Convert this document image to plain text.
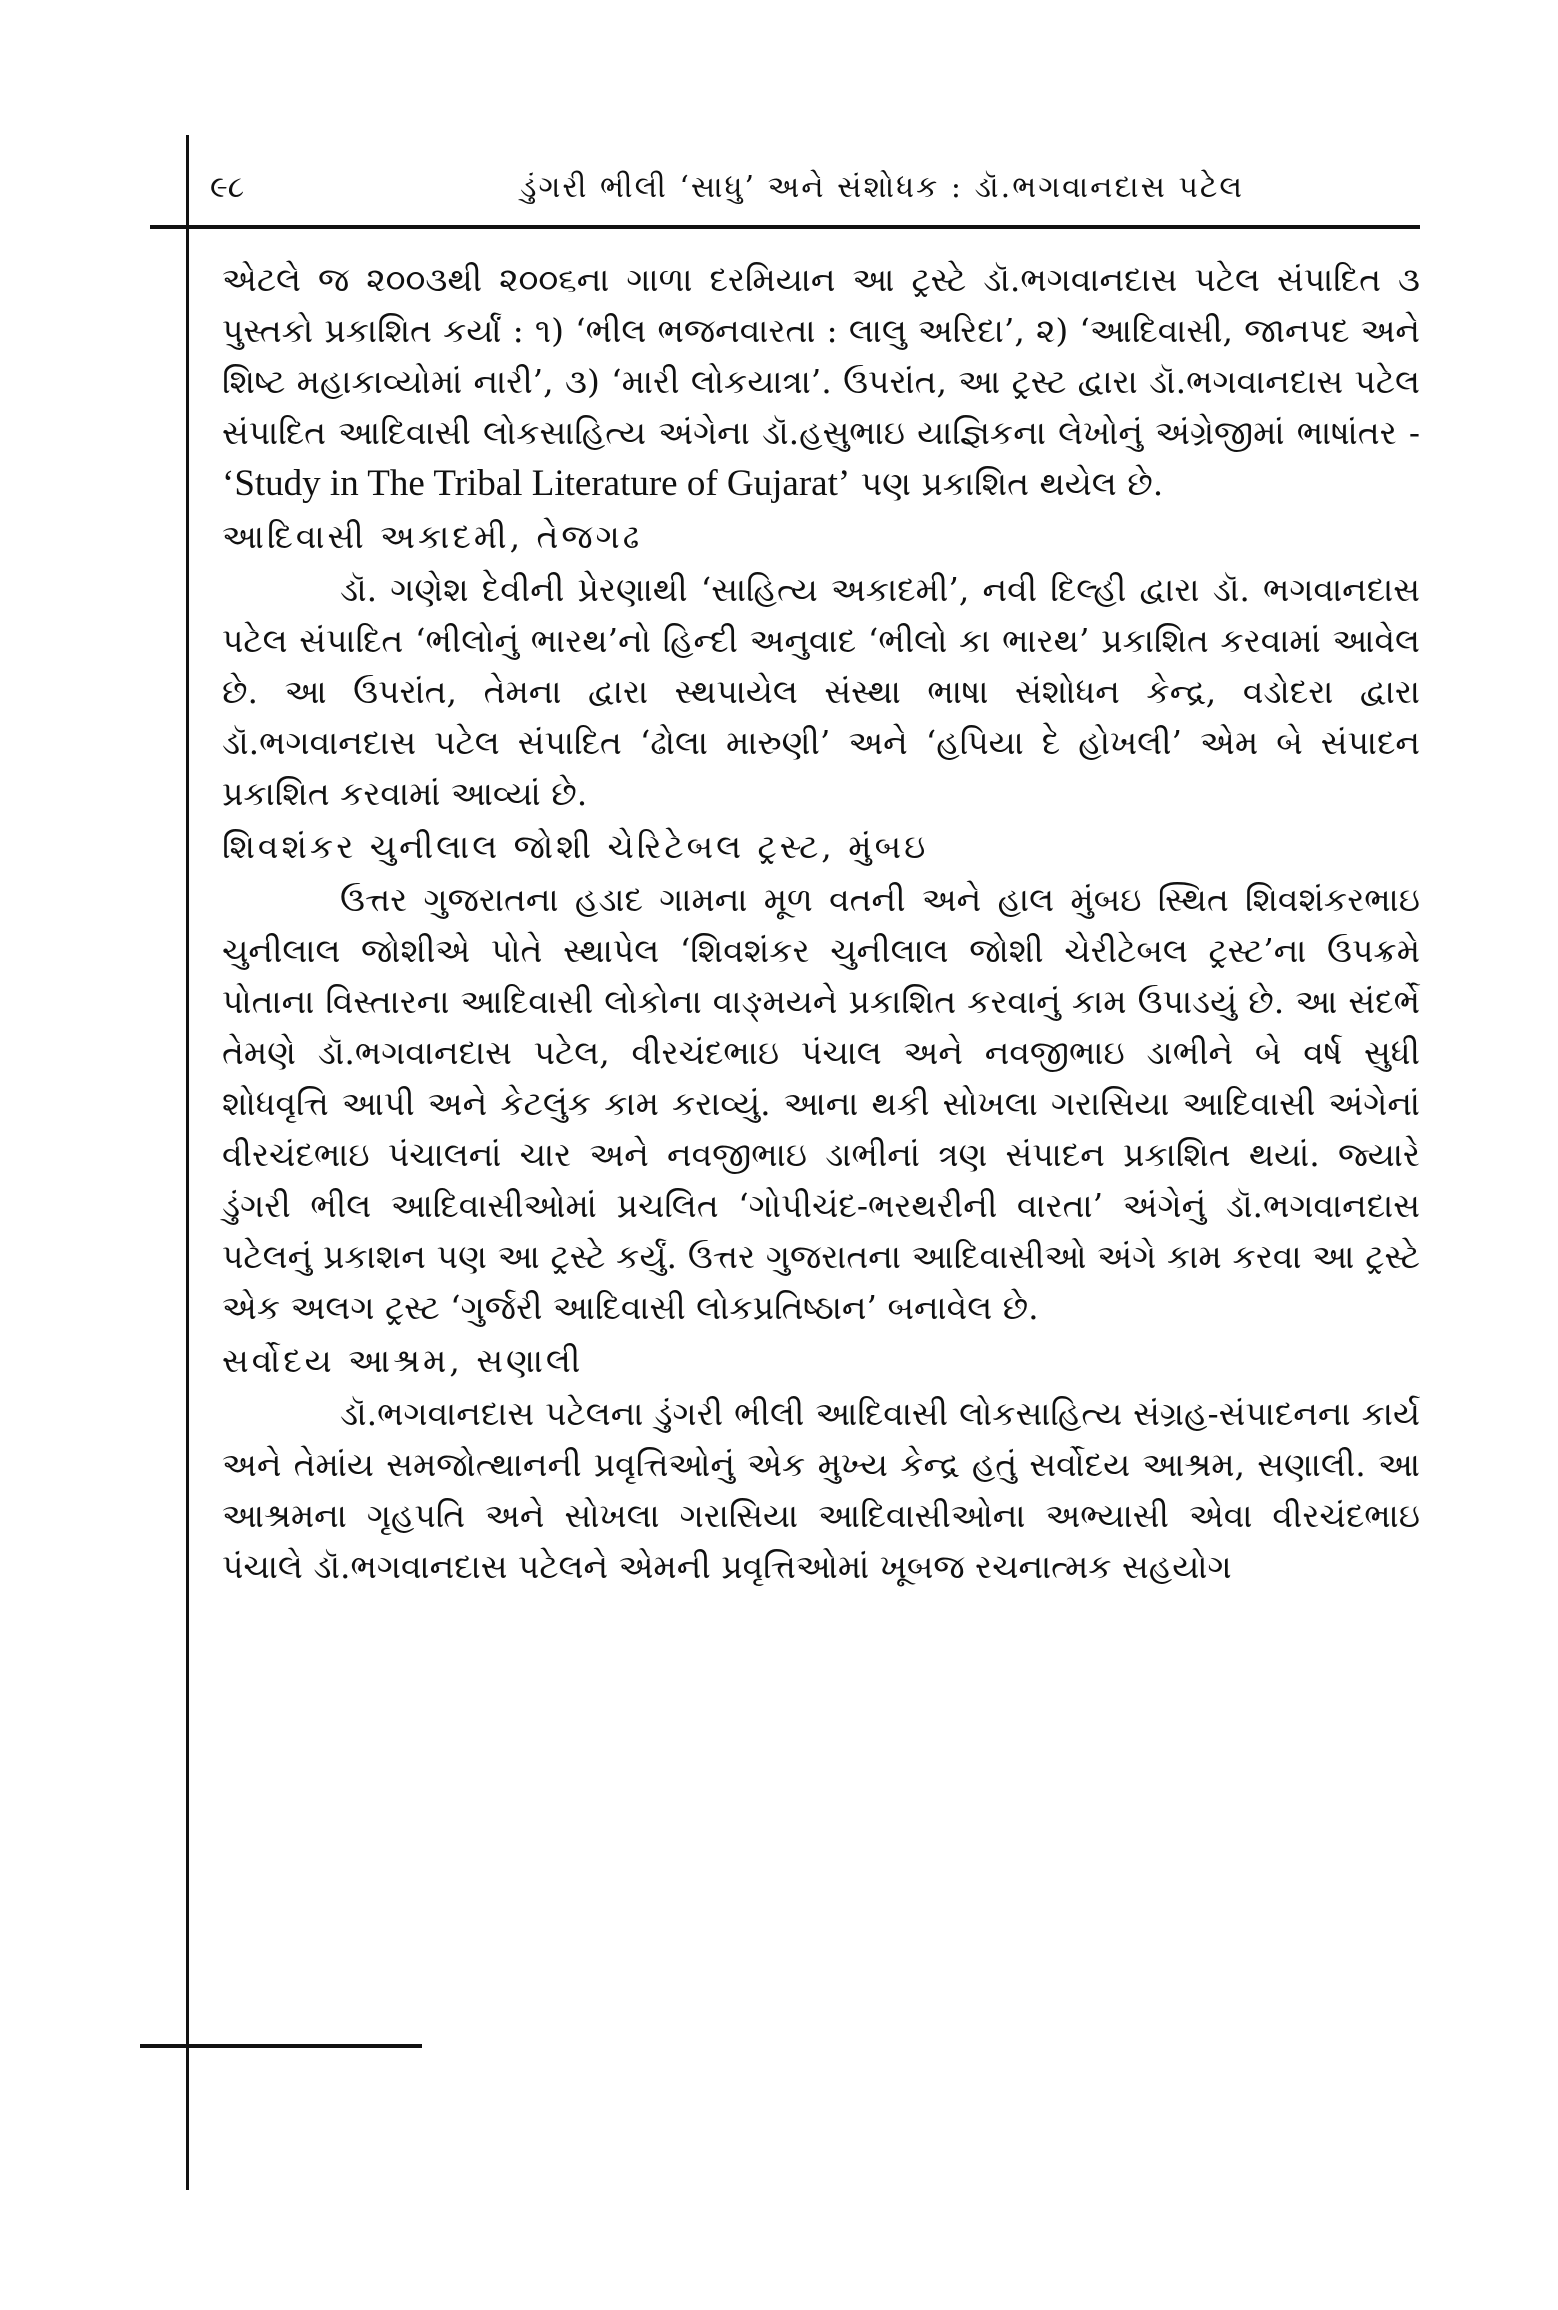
૯૮	ડુંગરી ભીલી ‘સાધુ’ અને સંશોધક : ડૉ.ભગવાનદાસ પટેલ

એટલે જ ૨૦૦૩થી ૨૦૦૬ના ગાળા દરમિયાન આ ટ્રસ્ટે ડૉ.ભગવાનદાસ પટેલ સંપાદિત ૩ પુસ્તકો પ્રકાશિત કર્યાં : ૧) ‘ભીલ ભજનવારતા : લાલુ અરિદા’, ૨) ‘આદિવાસી, જાનપદ અને શિષ્ટ મહાકાવ્યોમાં નારી’, ૩) ‘મારી લોકયાત્રા’. ઉપરાંત, આ ટ્રસ્ટ દ્વારા ડૉ.ભગવાનદાસ પટેલ સંપાદિત આદિવાસી લોકસાહિત્ય અંગેના ડૉ.હસુભાઇ યાજ્ઞિકના લેખોનું અંગ્રેજીમાં ભાષાંતર - ‘Study in The Tribal Literature of Gujarat’ પણ પ્રકાશિત થયેલ છે.

આદિવાસી અકાદમી, તેજગઢ

ડૉ. ગણેશ દેવીની પ્રેરણાથી ‘સાહિત્ય અકાદમી’, નવી દિલ્હી દ્વારા ડૉ. ભગવાનદાસ પટેલ સંપાદિત ‘ભીલોનું ભારથ’નો હિન્દી અનુવાદ ‘ભીલો કા ભારથ’ પ્રકાશિત કરવામાં આવેલ છે. આ ઉપરાંત, તેમના દ્વારા સ્થપાયેલ સંસ્થા ભાષા સંશોધન કેન્દ્ર, વડોદરા દ્વારા ડૉ.ભગવાનદાસ પટેલ સંપાદિત ‘ઢોલા મારુણી’ અને ‘હપિયા દે હોખલી’ એમ બે સંપાદન પ્રકાશિત કરવામાં આવ્યાં છે.

શિવશંકર ચુનીલાલ જોશી ચેરિટેબલ ટ્રસ્ટ, મુંબઇ

ઉત્તર ગુજરાતના હડાદ ગામના મૂળ વતની અને હાલ મુંબઇ સ્થિત શિવશંકરભાઇ ચુનીલાલ જોશીએ પોતે સ્થાપેલ ‘શિવશંકર ચુનીલાલ જોશી ચેરીટેબલ ટ્રસ્ટ’ના ઉપક્રમે પોતાના વિસ્તારના આદિવાસી લોકોના વાઙ્મયને પ્રકાશિત કરવાનું કામ ઉપાડયું છે. આ સંદર્ભે તેમણે ડૉ.ભગવાનદાસ પટેલ, વીરચંદભાઇ પંચાલ અને નવજીભાઇ ડાભીને બે વર્ષ સુધી શોધવૃત્તિ આપી અને કેટલુંક કામ કરાવ્યું. આના થકી સોખલા ગરાસિયા આદિવાસી અંગેનાં વીરચંદભાઇ પંચાલનાં ચાર અને નવજીભાઇ ડાભીનાં ત્રણ સંપાદન પ્રકાશિત થયાં. જ્યારે ડુંગરી ભીલ આદિવાસીઓમાં પ્રચલિત ‘ગોપીચંદ-ભરથરીની વારતા’ અંગેનું ડૉ.ભગવાનદાસ પટેલનું પ્રકાશન પણ આ ટ્રસ્ટે કર્યું. ઉત્તર ગુજરાતના આદિવાસીઓ અંગે કામ કરવા આ ટ્રસ્ટે એક અલગ ટ્રસ્ટ ‘ગુર્જરી આદિવાસી લોકપ્રતિષ્ઠાન’ બનાવેલ છે.

સર્વોદય આશ્રમ, સણાલી

ડૉ.ભગવાનદાસ પટેલના ડુંગરી ભીલી આદિવાસી લોકસાહિત્ય સંગ્રહ-સંપાદનના કાર્ય અને તેમાંય સમજોત્થાનની પ્રવૃત્તિઓનું એક મુખ્ય કેન્દ્ર હતું સર્વોદય આશ્રમ, સણાલી. આ આશ્રમના ગૃહપતિ અને સોખલા ગરાસિયા આદિવાસીઓના અભ્યાસી એવા વીરચંદભાઇ પંચાલે ડૉ.ભગવાનદાસ પટેલને એમની પ્રવૃત્તિઓમાં ખૂબજ રચનાત્મક સહયોગ
